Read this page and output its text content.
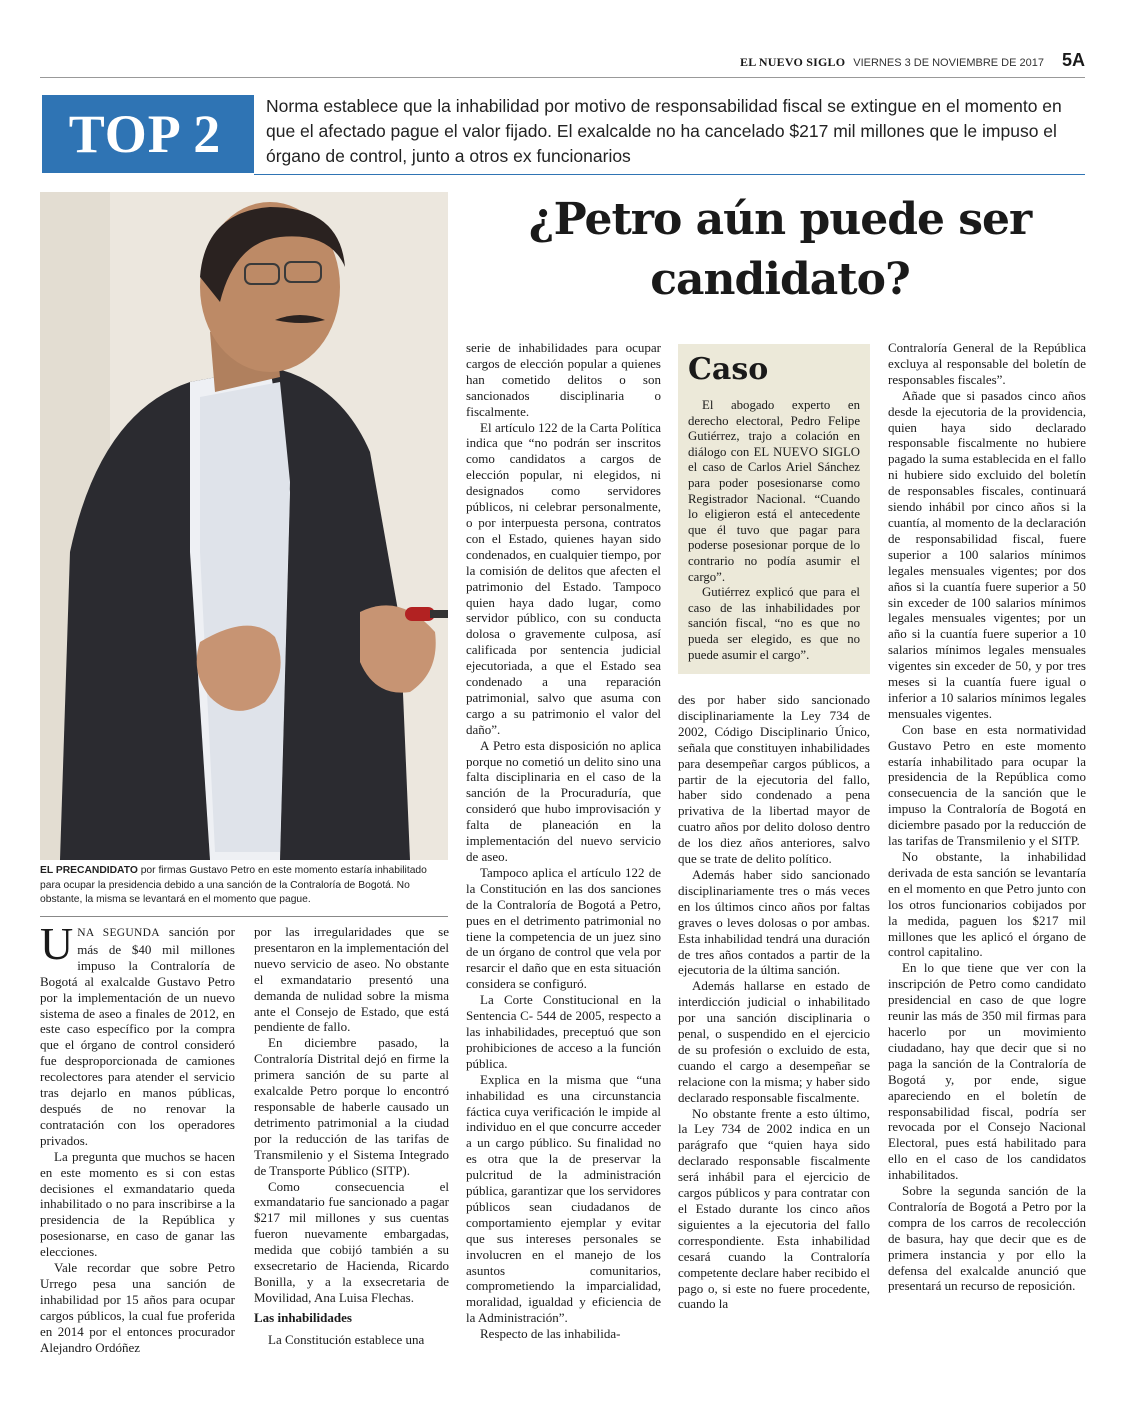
EL NUEVO SIGLO VIERNES 3 DE NOVIEMBRE DE 2017 5A
TOP 2	Norma establece que la inhabilidad por motivo de responsabilidad fiscal se extingue en el momento en que el afectado pague el valor fijado. El exalcalde no ha cancelado $217 mil millones que le impuso el órgano de control, junto a otros ex funcionarios
¿Petro aún puede ser candidato?
EL PRECANDIDATO por firmas Gustavo Petro en este momento estaría inhabilitado para ocupar la presidencia debido a una sanción de la Contraloría de Bogotá. No obstante, la misma se levantará en el momento que pague.

UNA SEGUNDA sanción por más de $40 mil millones impuso la Contraloría de Bogotá al exalcalde Gustavo Petro por la implementación de un nuevo sistema de aseo a finales de 2012, en este caso específico por la compra que el órgano de control consideró fue desproporcionada de camiones recolectores para atender el servicio tras dejarlo en manos públicas, después de no renovar la contratación con los operadores privados.

La pregunta que muchos se hacen en este momento es si con estas decisiones el exmandatario queda inhabilitado o no para inscribirse a la presidencia de la República y posesionarse, en caso de ganar las elecciones.

Vale recordar que sobre Petro Urrego pesa una sanción de inhabilidad por 15 años para ocupar cargos públicos, la cual fue proferida en 2014 por el entonces procurador Alejandro Ordóñez

por las irregularidades que se presentaron en la implementación del nuevo servicio de aseo. No obstante el exmandatario presentó una demanda de nulidad sobre la misma ante el Consejo de Estado, que está pendiente de fallo.

En diciembre pasado, la Contraloría Distrital dejó en firme la primera sanción de su parte al exalcalde Petro porque lo encontró responsable de haberle causado un detrimento patrimonial a la ciudad por la reducción de las tarifas de Transmilenio y el Sistema Integrado de Transporte Público (SITP).

Como consecuencia el exmandatario fue sancionado a pagar $217 mil millones y sus cuentas fueron nuevamente embargadas, medida que cobijó también a su exsecretario de Hacienda, Ricardo Bonilla, y a la exsecretaria de Movilidad, Ana Luisa Flechas.

Las inhabilidades

La Constitución establece una

serie de inhabilidades para ocupar cargos de elección popular a quienes han cometido delitos o son sancionados disciplinaria o fiscalmente.

El artículo 122 de la Carta Política indica que “no podrán ser inscritos como candidatos a cargos de elección popular, ni elegidos, ni designados como servidores públicos, ni celebrar personalmente, o por interpuesta persona, contratos con el Estado, quienes hayan sido condenados, en cualquier tiempo, por la comisión de delitos que afecten el patrimonio del Estado. Tampoco quien haya dado lugar, como servidor público, con su conducta dolosa o gravemente culposa, así calificada por sentencia judicial ejecutoriada, a que el Estado sea condenado a una reparación patrimonial, salvo que asuma con cargo a su patrimonio el valor del daño”.

A Petro esta disposición no aplica porque no cometió un delito sino una falta disciplinaria en el caso de la sanción de la Procuraduría, que consideró que hubo improvisación y falta de planeación en la implementación del nuevo servicio de aseo.

Tampoco aplica el artículo 122 de la Constitución en las dos sanciones de la Contraloría de Bogotá a Petro, pues en el detrimento patrimonial no tiene la competencia de un juez sino de un órgano de control que vela por resarcir el daño que en esta situación considera se configuró.

La Corte Constitucional en la Sentencia C- 544 de 2005, respecto a las inhabilidades, preceptuó que son prohibiciones de acceso a la función pública.

Explica en la misma que “una inhabilidad es una circunstancia fáctica cuya verificación le impide al individuo en el que concurre acceder a un cargo público. Su finalidad no es otra que la de preservar la pulcritud de la administración pública, garantizar que los servidores públicos sean ciudadanos de comportamiento ejemplar y evitar que sus intereses personales se involucren en el manejo de los asuntos comunitarios, comprometiendo la imparcialidad, moralidad, igualdad y eficiencia de la Administración”.

Respecto de las inhabilida-

Caso

El abogado experto en derecho electoral, Pedro Felipe Gutiérrez, trajo a colación en diálogo con EL NUEVO SIGLO el caso de Carlos Ariel Sánchez para poder posesionarse como Registrador Nacional. “Cuando lo eligieron está el antecedente que él tuvo que pagar para poderse posesionar porque de lo contrario no podía asumir el cargo”.

Gutiérrez explicó que para el caso de las inhabilidades por sanción fiscal, “no es que no pueda ser elegido, es que no puede asumir el cargo”.

des por haber sido sancionado disciplinariamente la Ley 734 de 2002, Código Disciplinario Único, señala que constituyen inhabilidades para desempeñar cargos públicos, a partir de la ejecutoria del fallo, haber sido condenado a pena privativa de la libertad mayor de cuatro años por delito doloso dentro de los diez años anteriores, salvo que se trate de delito político.

Además haber sido sancionado disciplinariamente tres o más veces en los últimos cinco años por faltas graves o leves dolosas o por ambas. Esta inhabilidad tendrá una duración de tres años contados a partir de la ejecutoria de la última sanción.

Además hallarse en estado de interdicción judicial o inhabilitado por una sanción disciplinaria o penal, o suspendido en el ejercicio de su profesión o excluido de esta, cuando el cargo a desempeñar se relacione con la misma; y haber sido declarado responsable fiscalmente.

No obstante frente a esto último, la Ley 734 de 2002 indica en un parágrafo que “quien haya sido declarado responsable fiscalmente será inhábil para el ejercicio de cargos públicos y para contratar con el Estado durante los cinco años siguientes a la ejecutoria del fallo correspondiente. Esta inhabilidad cesará cuando la Contraloría competente declare haber recibido el pago o, si este no fuere procedente, cuando la

Contraloría General de la República excluya al responsable del boletín de responsables fiscales”.

Añade que si pasados cinco años desde la ejecutoria de la providencia, quien haya sido declarado responsable fiscalmente no hubiere pagado la suma establecida en el fallo ni hubiere sido excluido del boletín de responsables fiscales, continuará siendo inhábil por cinco años si la cuantía, al momento de la declaración de responsabilidad fiscal, fuere superior a 100 salarios mínimos legales mensuales vigentes; por dos años si la cuantía fuere superior a 50 sin exceder de 100 salarios mínimos legales mensuales vigentes; por un año si la cuantía fuere superior a 10 salarios mínimos legales mensuales vigentes sin exceder de 50, y por tres meses si la cuantía fuere igual o inferior a 10 salarios mínimos legales mensuales vigentes.

Con base en esta normatividad Gustavo Petro en este momento estaría inhabilitado para ocupar la presidencia de la República como consecuencia de la sanción que le impuso la Contraloría de Bogotá en diciembre pasado por la reducción de las tarifas de Transmilenio y el SITP.

No obstante, la inhabilidad derivada de esta sanción se levantaría en el momento en que Petro junto con los otros funcionarios cobijados por la medida, paguen los $217 mil millones que les aplicó el órgano de control capitalino.

En lo que tiene que ver con la inscripción de Petro como candidato presidencial en caso de que logre reunir las más de 350 mil firmas para hacerlo por un movimiento ciudadano, hay que decir que si no paga la sanción de la Contraloría de Bogotá y, por ende, sigue apareciendo en el boletín de responsabilidad fiscal, podría ser revocada por el Consejo Nacional Electoral, pues está habilitado para ello en el caso de los candidatos inhabilitados.

Sobre la segunda sanción de la Contraloría de Bogotá a Petro por la compra de los carros de recolección de basura, hay que decir que es de primera instancia y por ello la defensa del exalcalde anunció que presentará un recurso de reposición.
